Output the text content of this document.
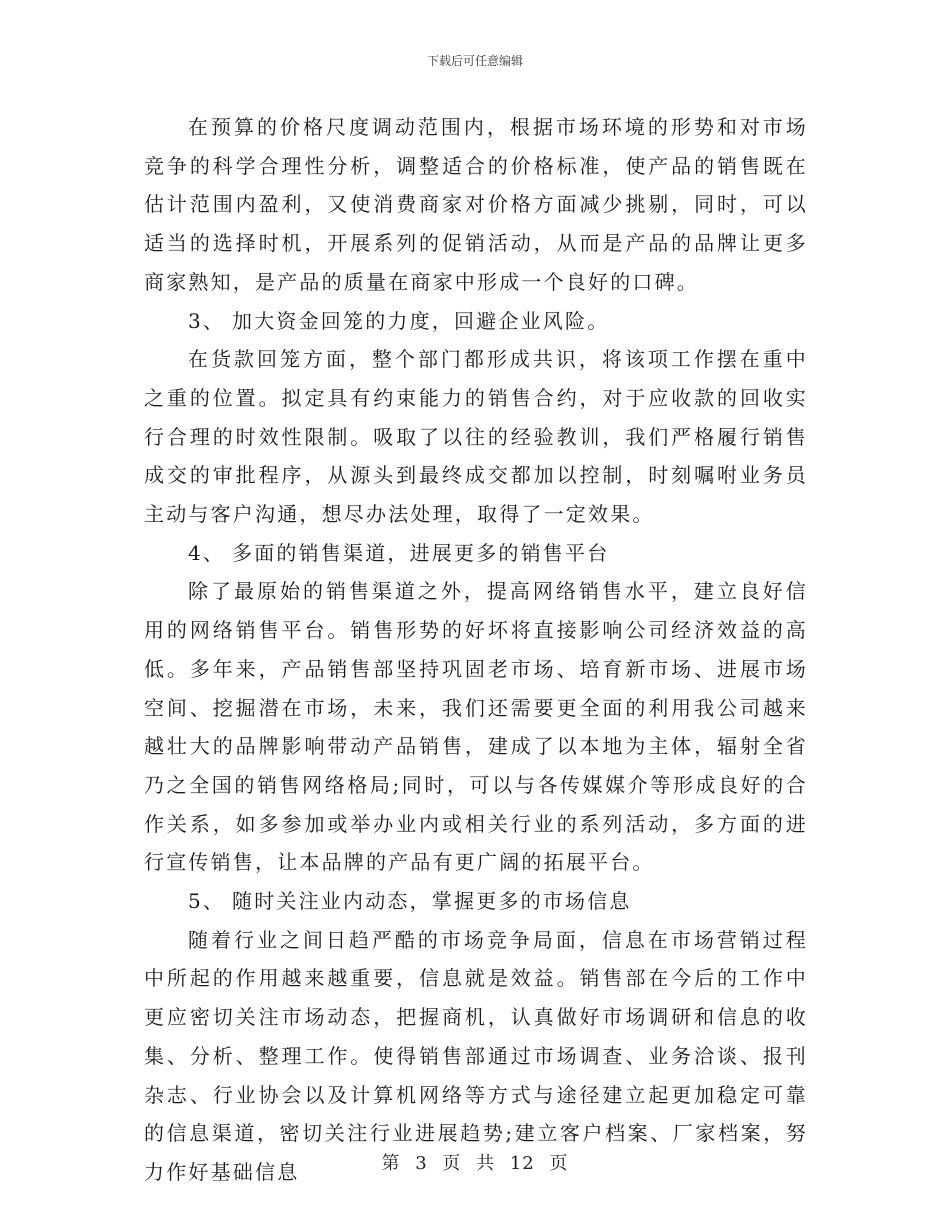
下载后可任意编辑

在预算的价格尺度调动范围内，根据市场环境的形势和对市场竞争的科学合理性分析，调整适合的价格标准，使产品的销售既在估计范围内盈利，又使消费商家对价格方面减少挑剔，同时，可以适当的选择时机，开展系列的促销活动，从而是产品的品牌让更多商家熟知，是产品的质量在商家中形成一个良好的口碑。

3、 加大资金回笼的力度，回避企业风险。

在货款回笼方面，整个部门都形成共识，将该项工作摆在重中之重的位置。拟定具有约束能力的销售合约，对于应收款的回收实行合理的时效性限制。吸取了以往的经验教训，我们严格履行销售成交的审批程序，从源头到最终成交都加以控制，时刻嘱咐业务员主动与客户沟通，想尽办法处理，取得了一定效果。

4、 多面的销售渠道，进展更多的销售平台

除了最原始的销售渠道之外，提高网络销售水平，建立良好信用的网络销售平台。销售形势的好坏将直接影响公司经济效益的高低。多年来，产品销售部坚持巩固老市场、培育新市场、进展市场空间、挖掘潜在市场，未来，我们还需要更全面的利用我公司越来越壮大的品牌影响带动产品销售，建成了以本地为主体，辐射全省乃之全国的销售网络格局;同时，可以与各传媒媒介等形成良好的合作关系，如多参加或举办业内或相关行业的系列活动，多方面的进行宣传销售，让本品牌的产品有更广阔的拓展平台。

5、 随时关注业内动态，掌握更多的市场信息

随着行业之间日趋严酷的市场竞争局面，信息在市场营销过程中所起的作用越来越重要，信息就是效益。销售部在今后的工作中更应密切关注市场动态，把握商机，认真做好市场调研和信息的收集、分析、整理工作。使得销售部通过市场调查、业务洽谈、报刊杂志、行业协会以及计算机网络等方式与途径建立起更加稳定可靠的信息渠道，密切关注行业进展趋势;建立客户档案、厂家档案，努力作好基础信息	第 3 页 共 12 页
